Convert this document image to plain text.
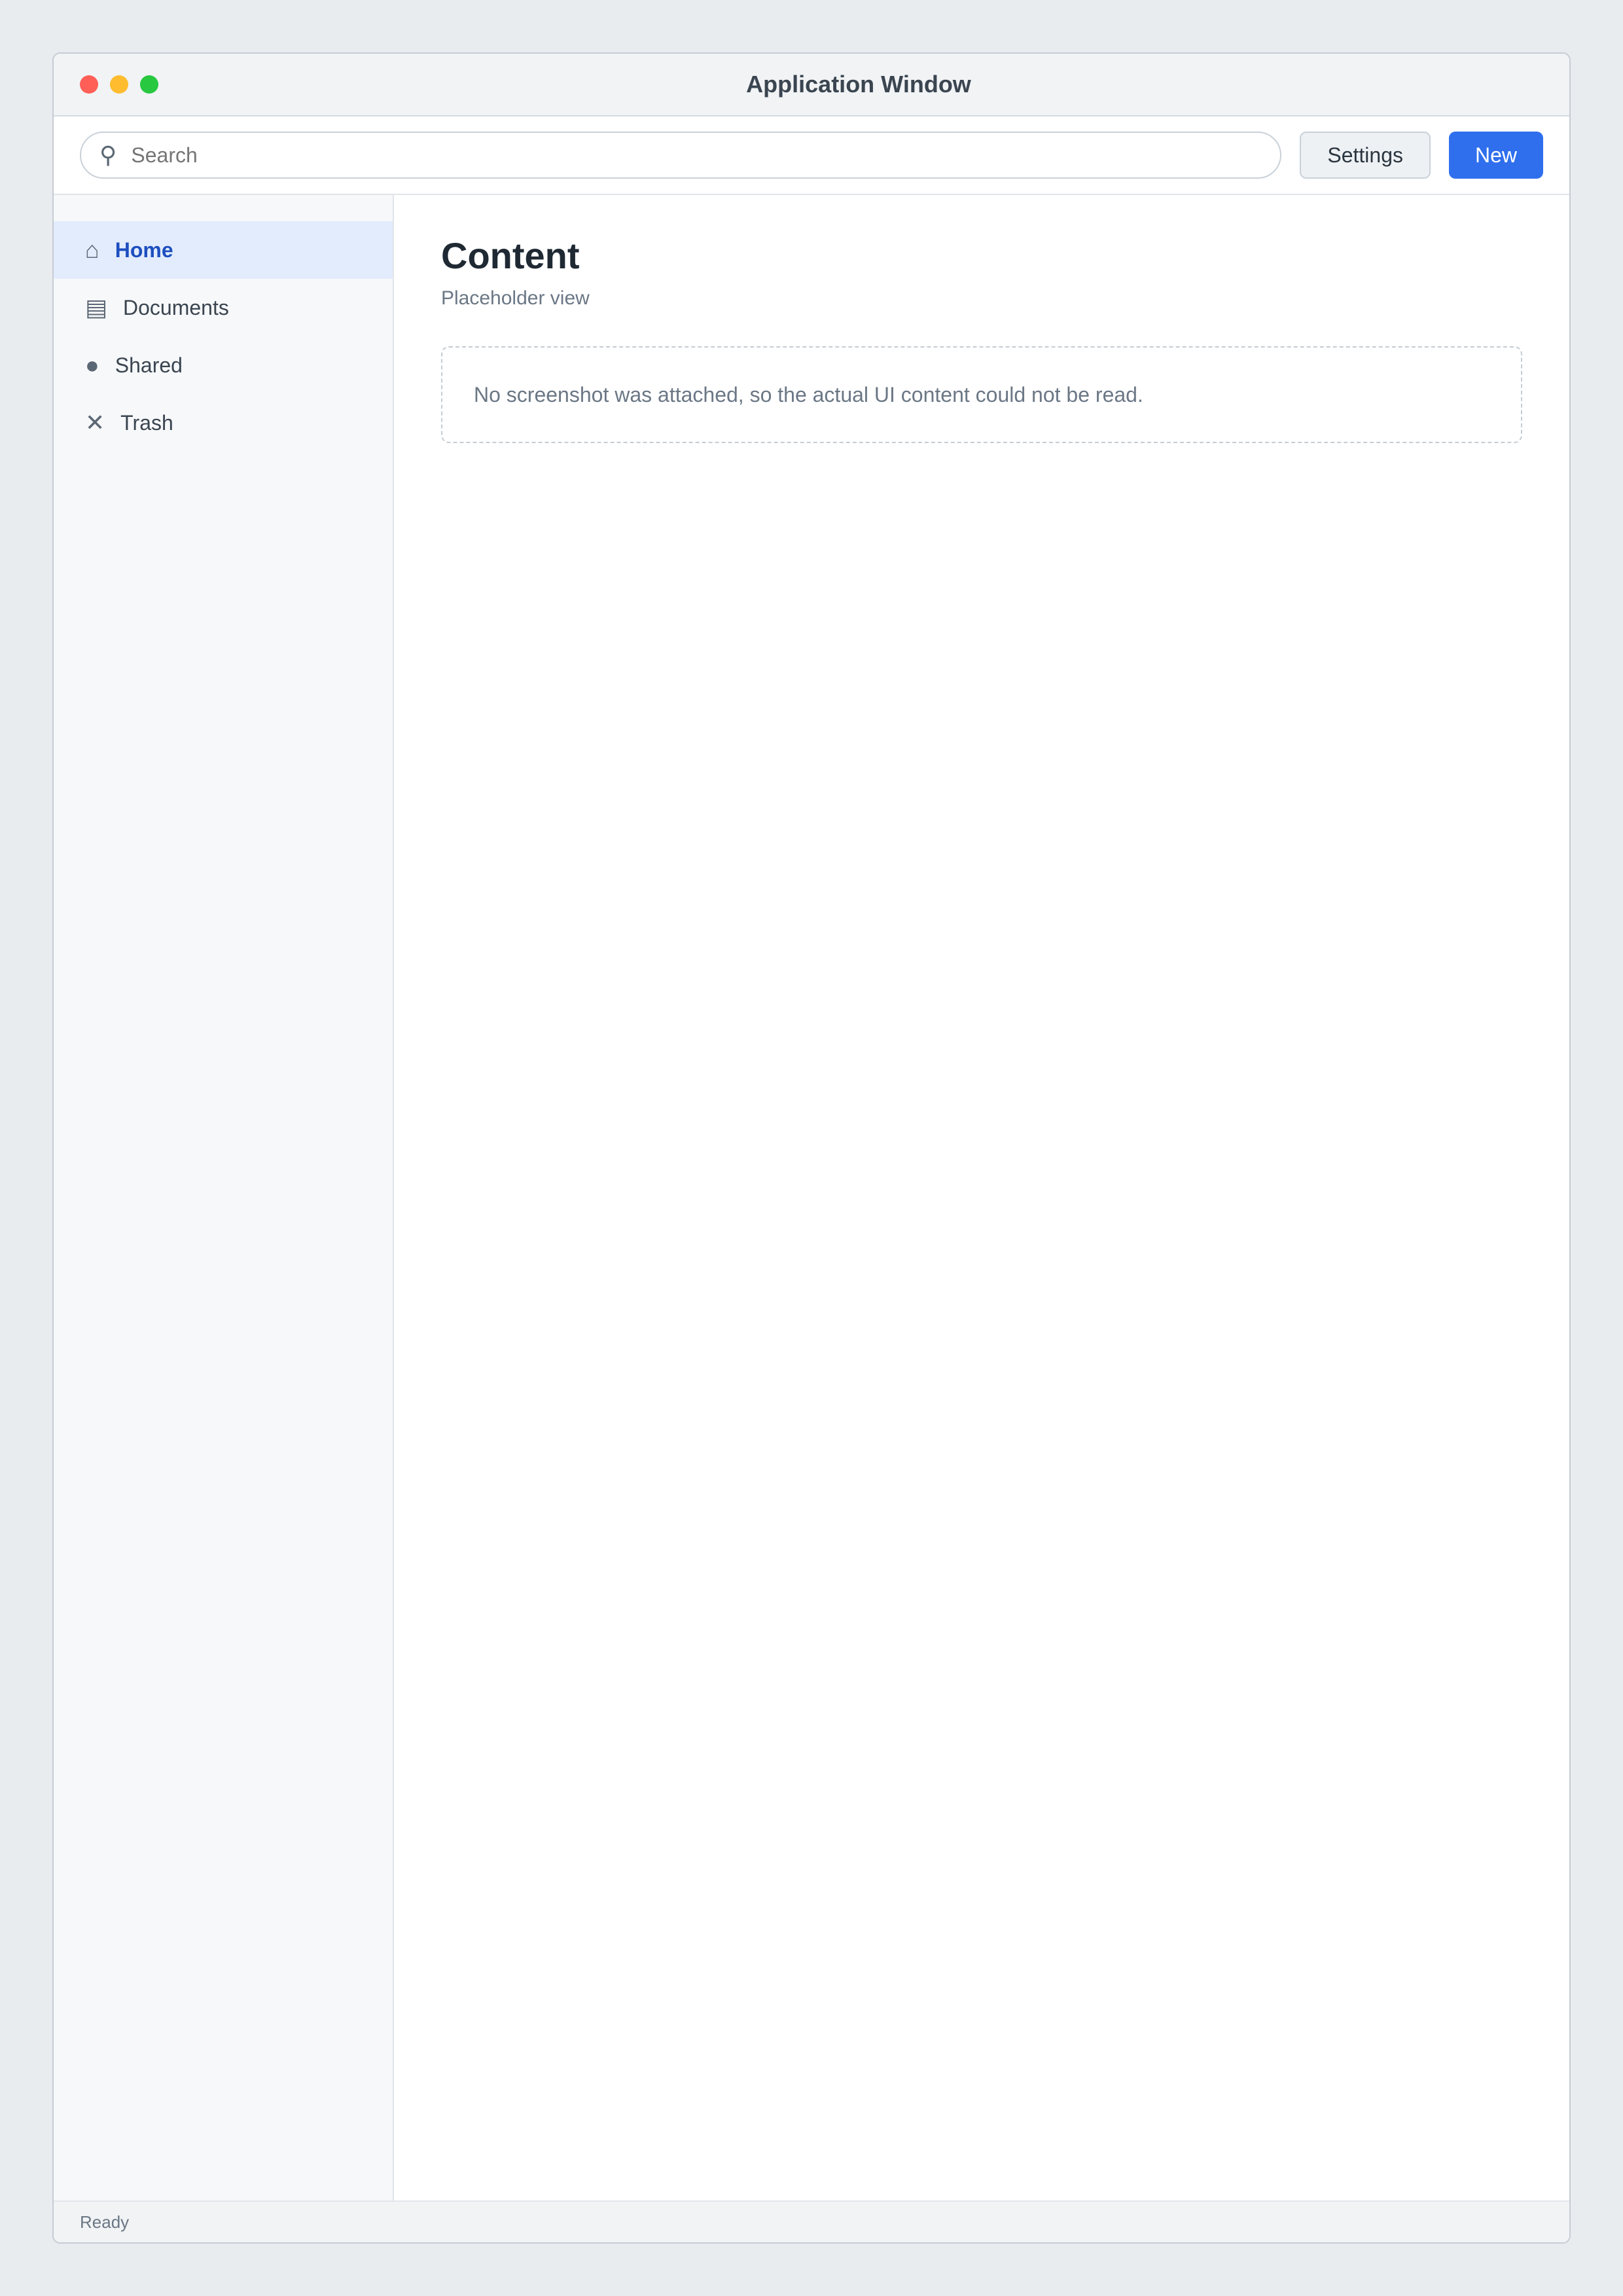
Application Window
⚲
Search	Settings	New
⌂ Home
▤ Documents
● Shared
✕ Trash
Content

Placeholder view

No screenshot was attached, so the actual UI content could not be read.
Ready
